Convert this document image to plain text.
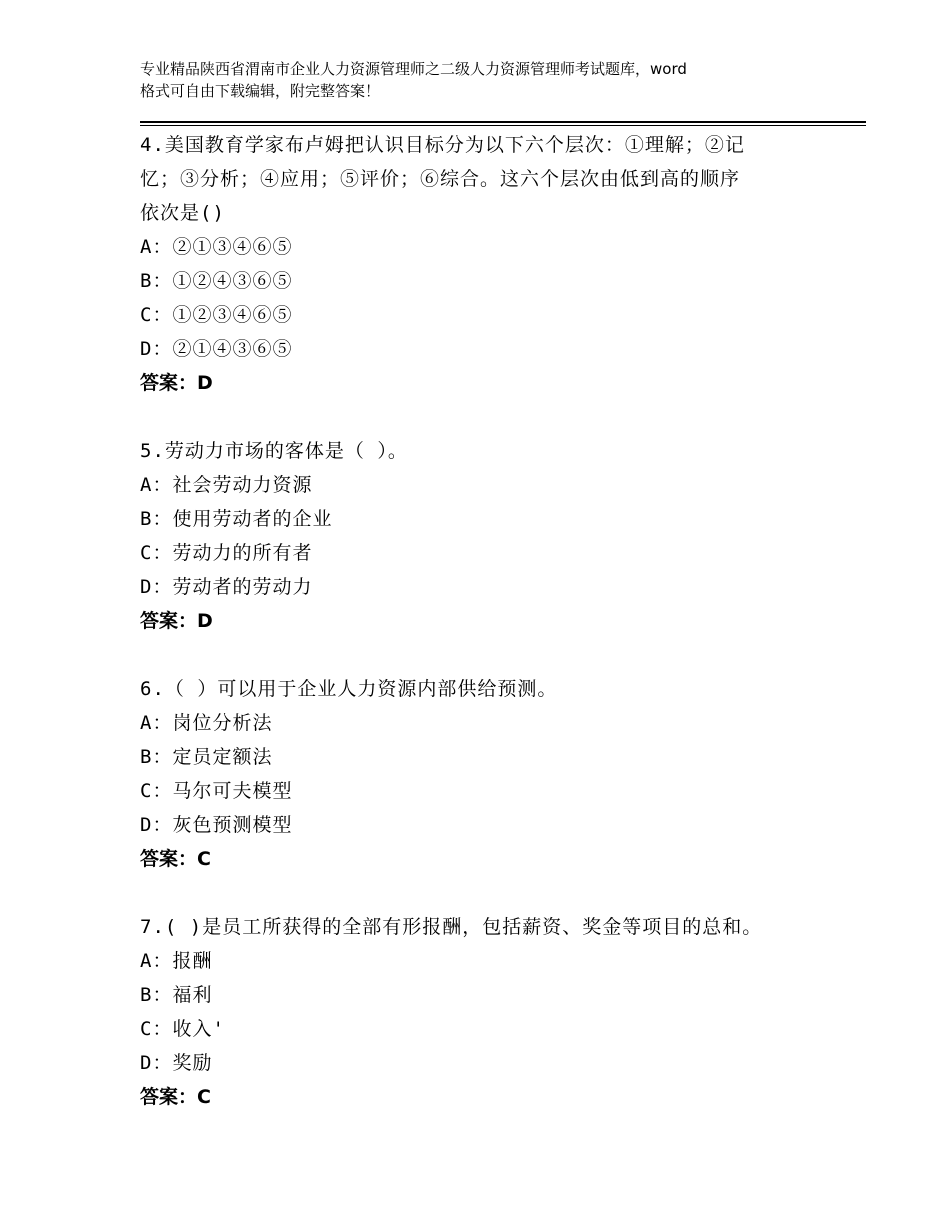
专业精品陕西省渭南市企业人力资源管理师之二级人力资源管理师考试题库，word
格式可自由下载编辑，附完整答案！
4.美国教育学家布卢姆把认识目标分为以下六个层次：①理解；②记
忆；③分析；④应用；⑤评价；⑥综合。这六个层次由低到高的顺序
依次是()
A：②①③④⑥⑤
B：①②④③⑥⑤
C：①②③④⑥⑤
D：②①④③⑥⑤
答案：D
5.劳动力市场的客体是（ ）。
A：社会劳动力资源
B：使用劳动者的企业
C：劳动力的所有者
D：劳动者的劳动力
答案：D
6.（ ）可以用于企业人力资源内部供给预测。
A：岗位分析法
B：定员定额法
C：马尔可夫模型
D：灰色预测模型
答案：C
7.( )是员工所获得的全部有形报酬，包括薪资、奖金等项目的总和。
A：报酬
B：福利
C：收入'
D：奖励
答案：C
